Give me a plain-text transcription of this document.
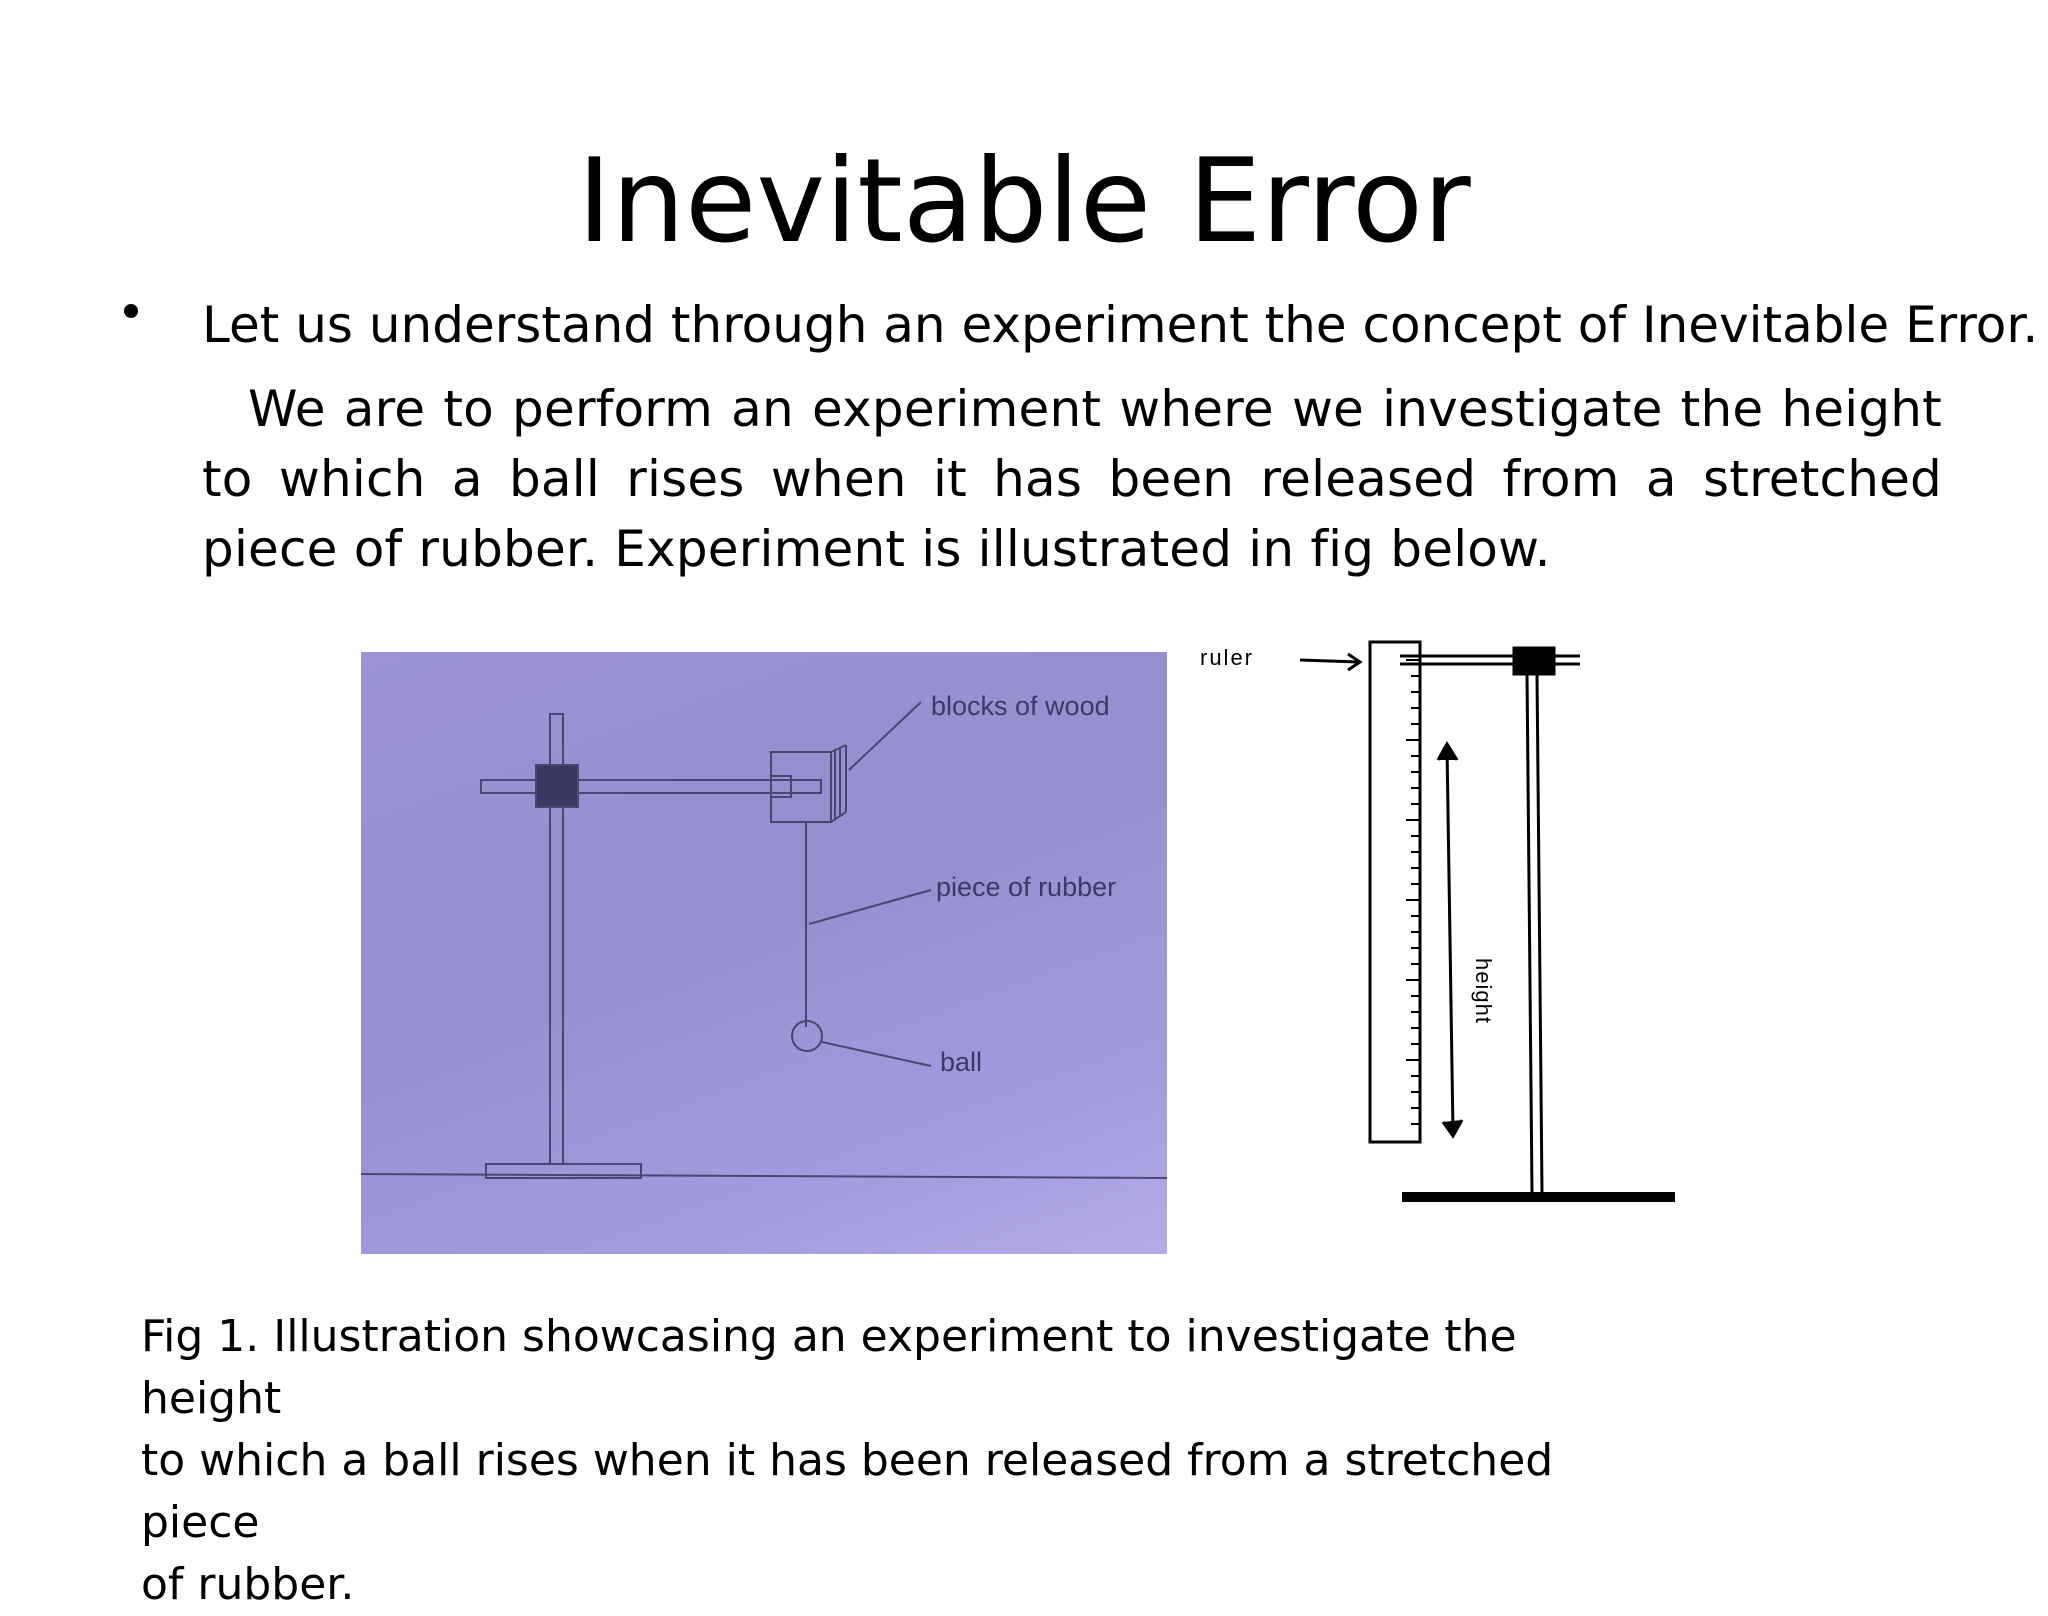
Inevitable Error
Let us understand through an experiment the concept of Inevitable Error.
We are to perform an experiment where we investigate the height to which a ball rises when it has been released from a stretched piece of rubber. Experiment is illustrated in fig below.
blocks of wood
piece of rubber
ball
ruler
height
Fig 1. Illustration showcasing an experiment to investigate the height
to which a ball rises when it has been released from a stretched piece
of rubber.
